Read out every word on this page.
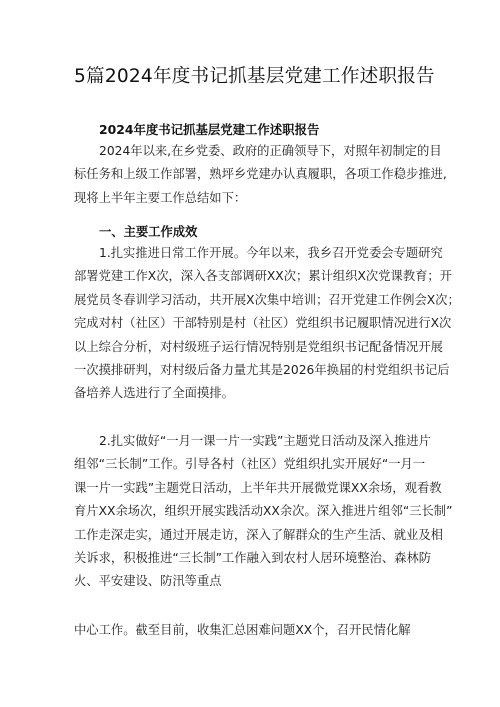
5篇2024年度书记抓基层党建工作述职报告
2024年度书记抓基层党建工作述职报告
2024年以来,在乡党委、政府的正确领导下，对照年初制定的目
标任务和上级工作部署，熟坪乡党建办认真履职，各项工作稳步推进,
现将上半年主要工作总结如下：
一、主要工作成效
1.扎实推进日常工作开展。今年以来，我乡召开党委会专题研究
部署党建工作X次，深入各支部调研XX次；累计组织X次党课教育；开
展党员冬春训学习活动，共开展X次集中培训；召开党建工作例会X次；
完成对村（社区）干部特别是村（社区）党组织书记履职情况进行X次
以上综合分析，对村级班子运行情况特别是党组织书记配备情况开展
一次摸排研判，对村级后备力量尤其是2026年换届的村党组织书记后
备培养人选进行了全面摸排。
2.扎实做好“一月一课一片一实践”主题党日活动及深入推进片
组邻“三长制”工作。引导各村（社区）党组织扎实开展好“一月一
课一片一实践”主题党日活动，上半年共开展微党课XX余场，观看教
育片XX余场次，组织开展实践活动XX余次。深入推进片组邻“三长制”
工作走深走实，通过开展走访，深入了解群众的生产生活、就业及相
关诉求，积极推进“三长制”工作融入到农村人居环境整治、森林防
火、平安建设、防汛等重点

中心工作。截至目前，收集汇总困难问题XX个，召开民情化解
